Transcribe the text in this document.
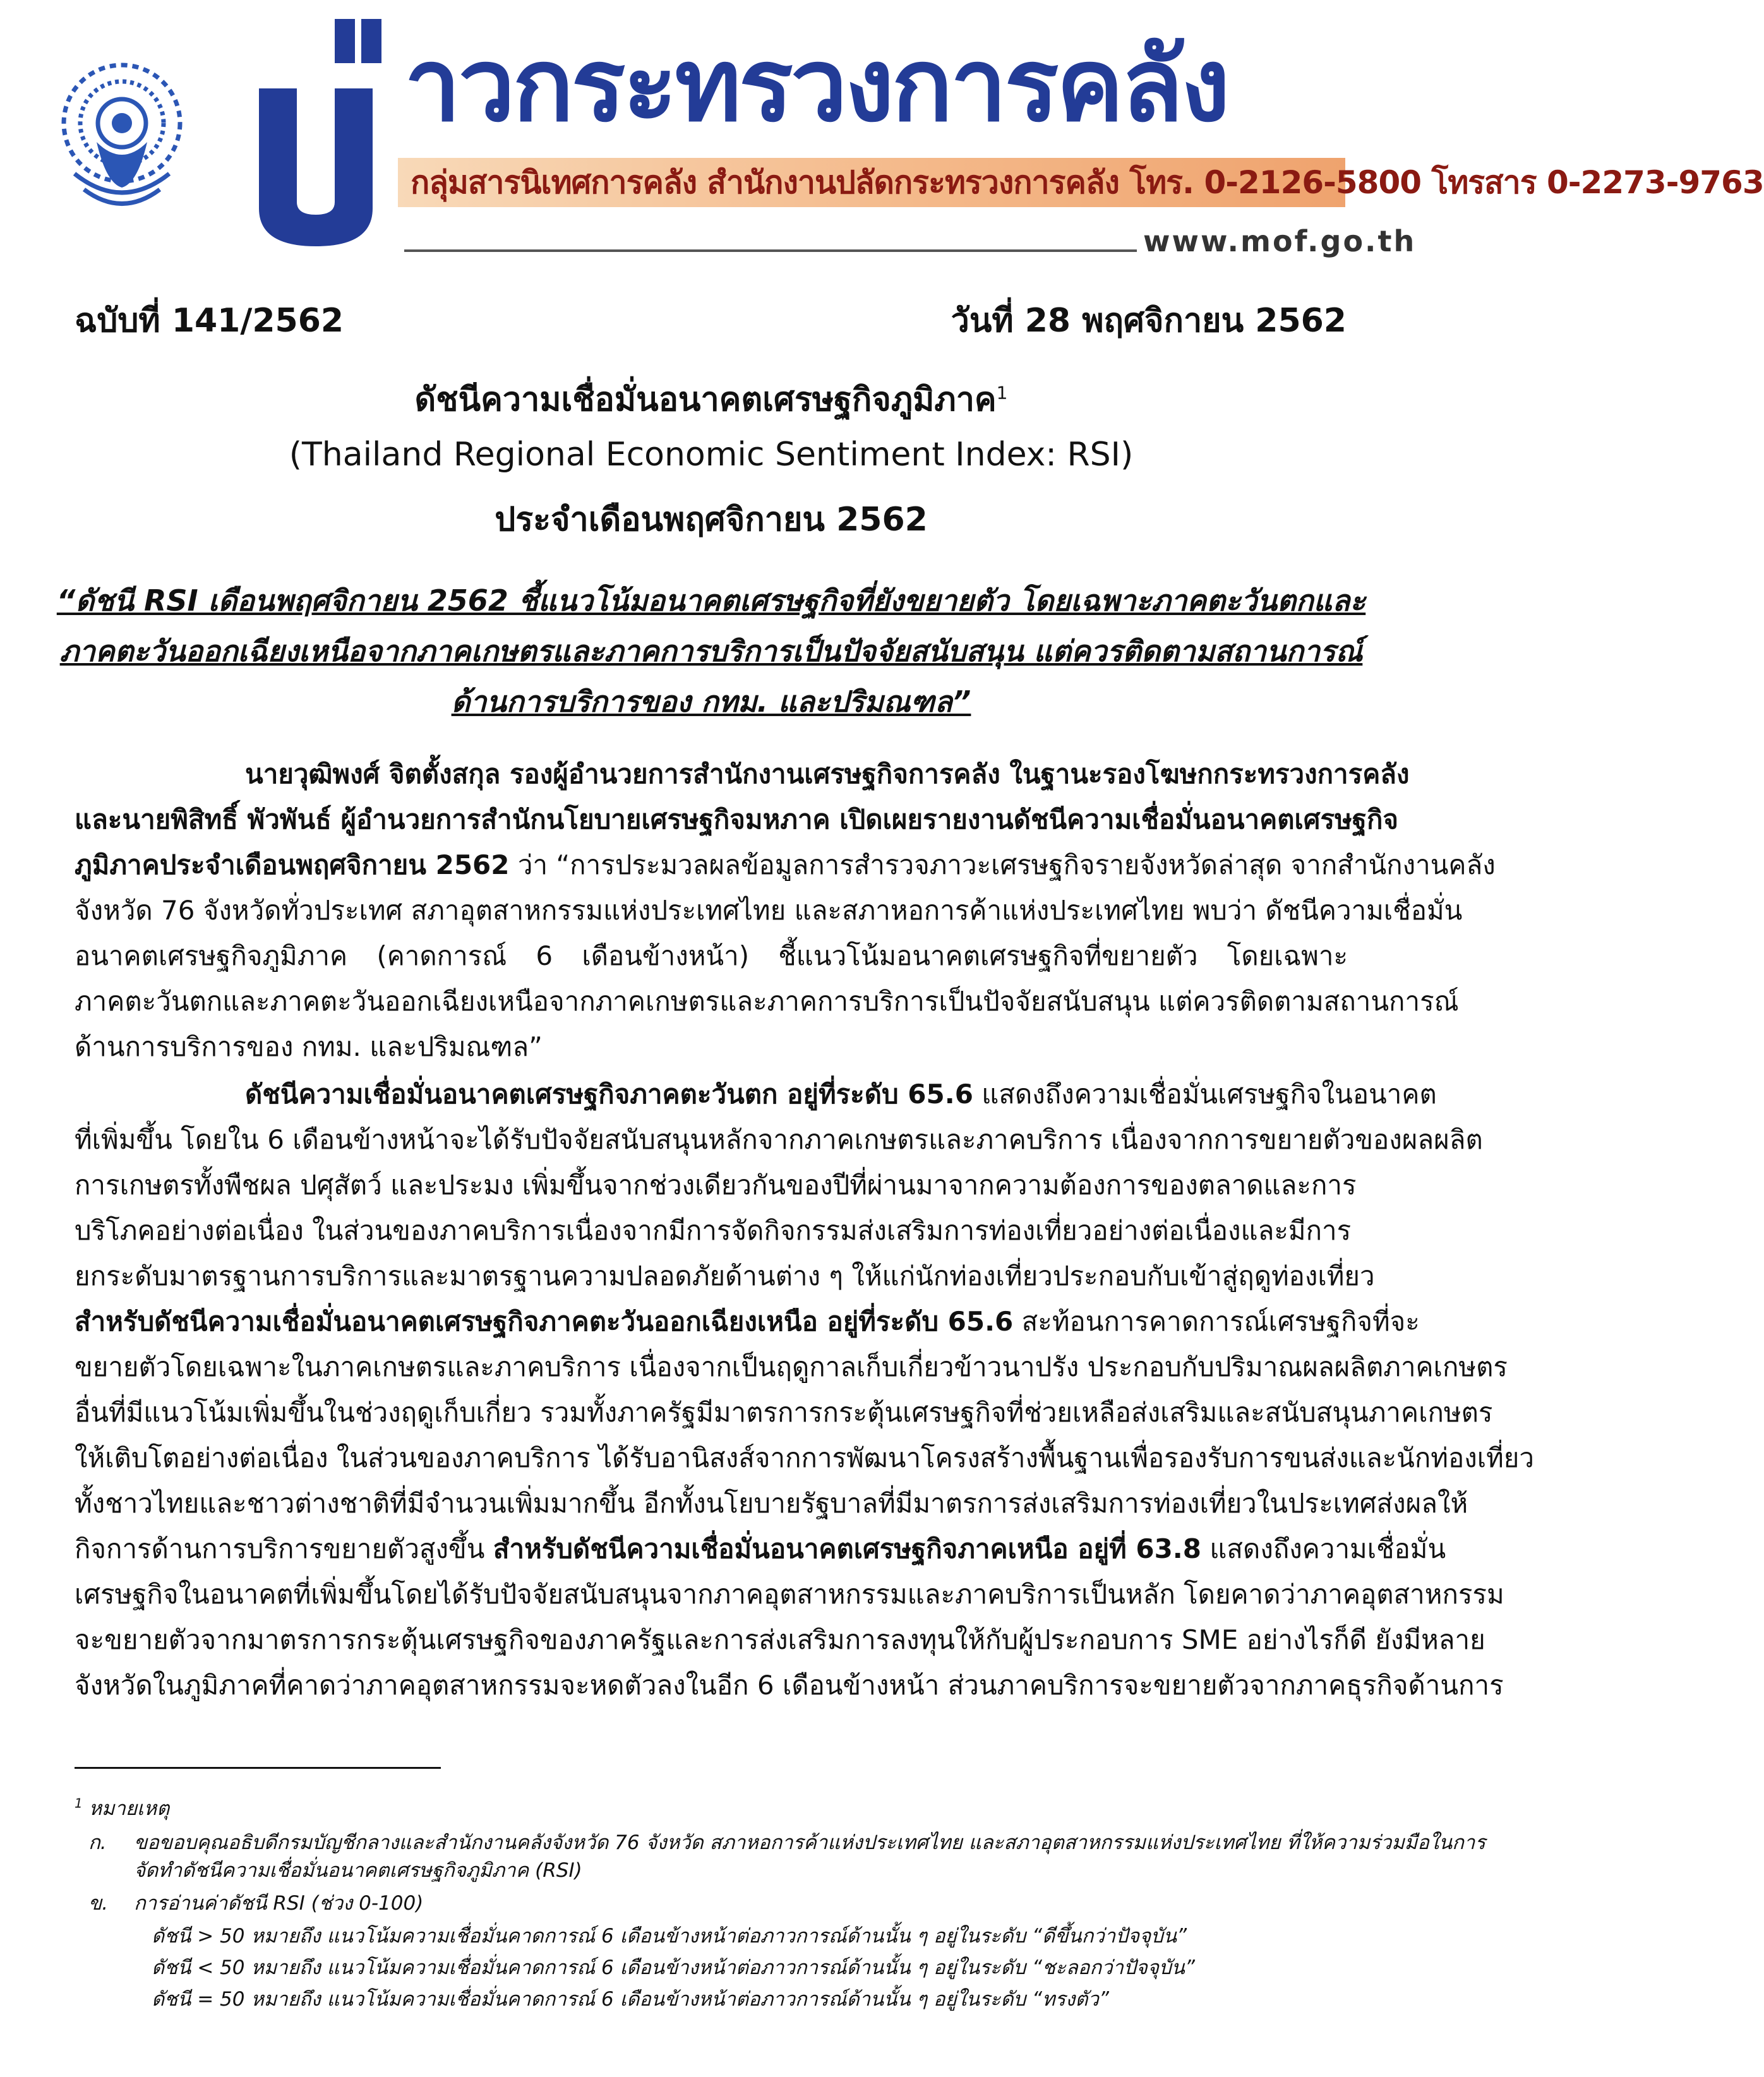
าวกระทรวงการคลัง
กลุ่มสารนิเทศการคลัง สำนักงานปลัดกระทรวงการคลัง โทร. 0-2126-5800 โทรสาร 0-2273-9763
www.mof.go.th
ฉบับที่ 141/2562	วันที่ 28 พฤศจิกายน 2562
ดัชนีความเชื่อมั่นอนาคตเศรษฐกิจภูมิภาค$^1$
(Thailand Regional Economic Sentiment Index: RSI)
ประจำเดือนพฤศจิกายน 2562
“ดัชนี RSI เดือนพฤศจิกายน 2562 ชี้แนวโน้มอนาคตเศรษฐกิจที่ยังขยายตัว โดยเฉพาะภาคตะวันตกและ
ภาคตะวันออกเฉียงเหนือจากภาคเกษตรและภาคการบริการเป็นปัจจัยสนับสนุน แต่ควรติดตามสถานการณ์
ด้านการบริการของ กทม. และปริมณฑล”
นายวุฒิพงศ์ จิตตั้งสกุล รองผู้อำนวยการสำนักงานเศรษฐกิจการคลัง ในฐานะรองโฆษกกระทรวงการคลัง
และนายพิสิทธิ์ พัวพันธ์ ผู้อำนวยการสำนักนโยบายเศรษฐกิจมหภาค เปิดเผยรายงานดัชนีความเชื่อมั่นอนาคตเศรษฐกิจ
ภูมิภาคประจำเดือนพฤศจิกายน 2562 ว่า “การประมวลผลข้อมูลการสำรวจภาวะเศรษฐกิจรายจังหวัดล่าสุด จากสำนักงานคลัง
จังหวัด 76 จังหวัดทั่วประเทศ สภาอุตสาหกรรมแห่งประเทศไทย และสภาหอการค้าแห่งประเทศไทย พบว่า ดัชนีความเชื่อมั่น
อนาคตเศรษฐกิจภูมิภาค (คาดการณ์ 6 เดือนข้างหน้า) ชี้แนวโน้มอนาคตเศรษฐกิจที่ขยายตัว โดยเฉพาะ
ภาคตะวันตกและภาคตะวันออกเฉียงเหนือจากภาคเกษตรและภาคการบริการเป็นปัจจัยสนับสนุน แต่ควรติดตามสถานการณ์
ด้านการบริการของ กทม. และปริมณฑล”
ดัชนีความเชื่อมั่นอนาคตเศรษฐกิจภาคตะวันตก อยู่ที่ระดับ 65.6 แสดงถึงความเชื่อมั่นเศรษฐกิจในอนาคต
ที่เพิ่มขึ้น โดยใน 6 เดือนข้างหน้าจะได้รับปัจจัยสนับสนุนหลักจากภาคเกษตรและภาคบริการ เนื่องจากการขยายตัวของผลผลิต
การเกษตรทั้งพืชผล ปศุสัตว์ และประมง เพิ่มขึ้นจากช่วงเดียวกันของปีที่ผ่านมาจากความต้องการของตลาดและการ
บริโภคอย่างต่อเนื่อง ในส่วนของภาคบริการเนื่องจากมีการจัดกิจกรรมส่งเสริมการท่องเที่ยวอย่างต่อเนื่องและมีการ
ยกระดับมาตรฐานการบริการและมาตรฐานความปลอดภัยด้านต่าง ๆ ให้แก่นักท่องเที่ยวประกอบกับเข้าสู่ฤดูท่องเที่ยว
สำหรับดัชนีความเชื่อมั่นอนาคตเศรษฐกิจภาคตะวันออกเฉียงเหนือ อยู่ที่ระดับ 65.6 สะท้อนการคาดการณ์เศรษฐกิจที่จะ
ขยายตัวโดยเฉพาะในภาคเกษตรและภาคบริการ เนื่องจากเป็นฤดูกาลเก็บเกี่ยวข้าวนาปรัง ประกอบกับปริมาณผลผลิตภาคเกษตร
อื่นที่มีแนวโน้มเพิ่มขึ้นในช่วงฤดูเก็บเกี่ยว รวมทั้งภาครัฐมีมาตรการกระตุ้นเศรษฐกิจที่ช่วยเหลือส่งเสริมและสนับสนุนภาคเกษตร
ให้เติบโตอย่างต่อเนื่อง ในส่วนของภาคบริการ ได้รับอานิสงส์จากการพัฒนาโครงสร้างพื้นฐานเพื่อรองรับการขนส่งและนักท่องเที่ยว
ทั้งชาวไทยและชาวต่างชาติที่มีจำนวนเพิ่มมากขึ้น อีกทั้งนโยบายรัฐบาลที่มีมาตรการส่งเสริมการท่องเที่ยวในประเทศส่งผลให้
กิจการด้านการบริการขยายตัวสูงขึ้น สำหรับดัชนีความเชื่อมั่นอนาคตเศรษฐกิจภาคเหนือ อยู่ที่ 63.8 แสดงถึงความเชื่อมั่น
เศรษฐกิจในอนาคตที่เพิ่มขึ้นโดยได้รับปัจจัยสนับสนุนจากภาคอุตสาหกรรมและภาคบริการเป็นหลัก โดยคาดว่าภาคอุตสาหกรรม
จะขยายตัวจากมาตรการกระตุ้นเศรษฐกิจของภาครัฐและการส่งเสริมการลงทุนให้กับผู้ประกอบการ SME อย่างไรก็ดี ยังมีหลาย
จังหวัดในภูมิภาคที่คาดว่าภาคอุตสาหกรรมจะหดตัวลงในอีก 6 เดือนข้างหน้า ส่วนภาคบริการจะขยายตัวจากภาคธุรกิจด้านการ
$^1$ หมายเหตุ
ก. ขอขอบคุณอธิบดีกรมบัญชีกลางและสำนักงานคลังจังหวัด 76 จังหวัด สภาหอการค้าแห่งประเทศไทย และสภาอุตสาหกรรมแห่งประเทศไทย ที่ให้ความร่วมมือในการ
จัดทำดัชนีความเชื่อมั่นอนาคตเศรษฐกิจภูมิภาค (RSI)
ข. การอ่านค่าดัชนี RSI (ช่วง 0-100)
ดัชนี > 50 หมายถึง แนวโน้มความเชื่อมั่นคาดการณ์ 6 เดือนข้างหน้าต่อภาวการณ์ด้านนั้น ๆ อยู่ในระดับ “ดีขึ้นกว่าปัจจุบัน”
ดัชนี < 50 หมายถึง แนวโน้มความเชื่อมั่นคาดการณ์ 6 เดือนข้างหน้าต่อภาวการณ์ด้านนั้น ๆ อยู่ในระดับ “ชะลอกว่าปัจจุบัน”
ดัชนี = 50 หมายถึง แนวโน้มความเชื่อมั่นคาดการณ์ 6 เดือนข้างหน้าต่อภาวการณ์ด้านนั้น ๆ อยู่ในระดับ “ทรงตัว”
